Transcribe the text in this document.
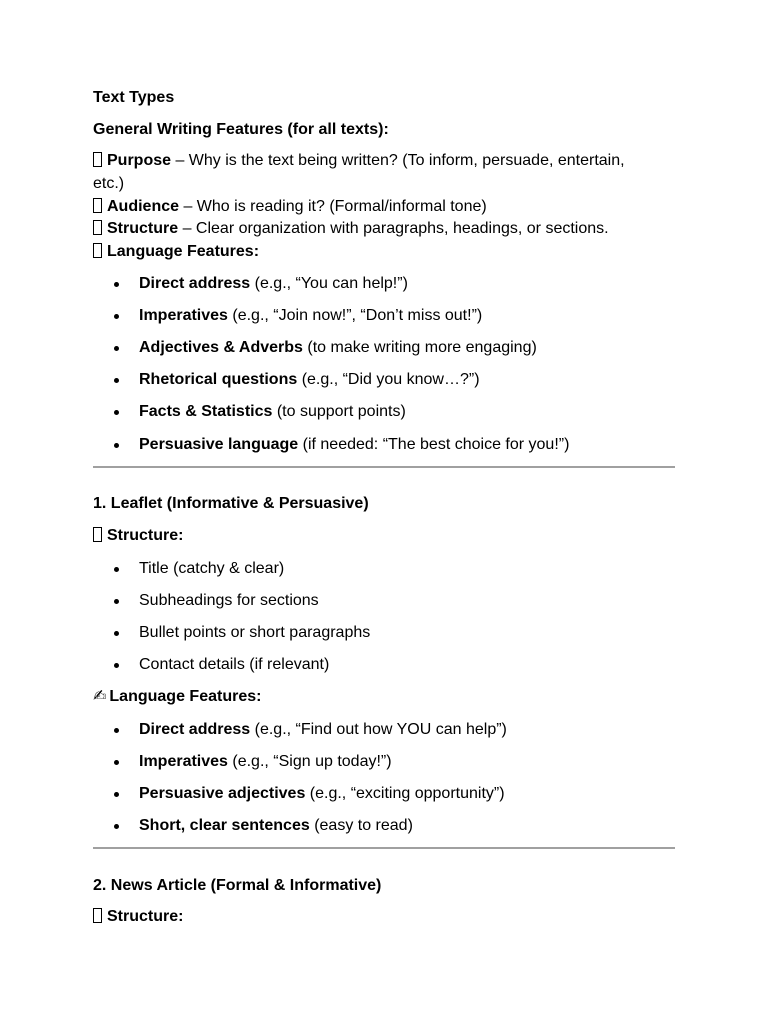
Text Types
General Writing Features (for all texts):
Purpose – Why is the text being written? (To inform, persuade, entertain,
etc.)
Audience – Who is reading it? (Formal/informal tone)
Structure – Clear organization with paragraphs, headings, or sections.
Language Features:
Direct address (e.g., “You can help!”)
Imperatives (e.g., “Join now!”, “Don’t miss out!”)
Adjectives & Adverbs (to make writing more engaging)
Rhetorical questions (e.g., “Did you know…?”)
Facts & Statistics (to support points)
Persuasive language (if needed: “The best choice for you!”)
1. Leaflet (Informative & Persuasive)
Structure:
Title (catchy & clear)
Subheadings for sections
Bullet points or short paragraphs
Contact details (if relevant)
✍ Language Features:
Direct address (e.g., “Find out how YOU can help”)
Imperatives (e.g., “Sign up today!”)
Persuasive adjectives (e.g., “exciting opportunity”)
Short, clear sentences (easy to read)
2. News Article (Formal & Informative)
Structure:
